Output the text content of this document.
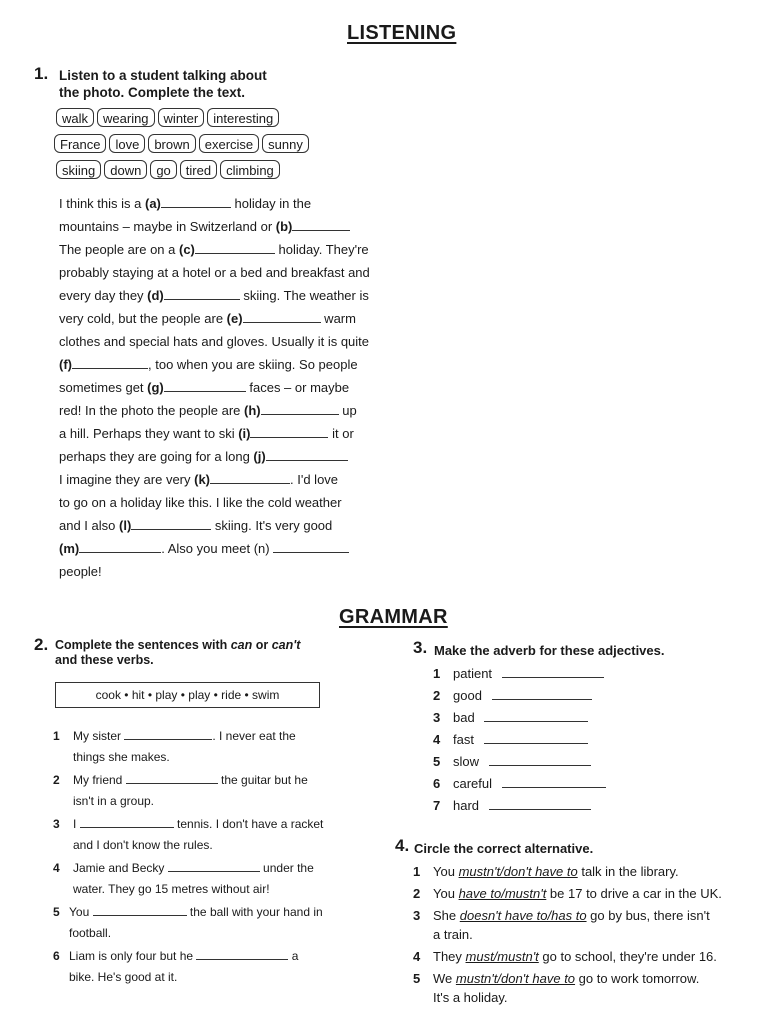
LISTENING
1. Listen to a student talking about
the photo. Complete the text.
walk	wearing	winter	interesting
France	love	brown	exercise	sunny
skiing	down	go	tired	climbing
I think this is a (a)	holiday in the
mountains – maybe in Switzerland or (b)
The people are on a (c)	holiday. They're
probably staying at a hotel or a bed and breakfast and
every day they (d)	skiing. The weather is
very cold, but the people are (e)	warm
clothes and special hats and gloves. Usually it is quite
(f)	, too when you are skiing. So people
sometimes get (g)	faces – or maybe
red! In the photo the people are (h)	up
a hill. Perhaps they want to ski (i)	it or
perhaps they are going for a long (j)
I imagine they are very (k)	. I'd love
to go on a holiday like this. I like the cold weather
and I also (l)	skiing. It's very good
(m)	. Also you meet (n)
people!
GRAMMAR
2. Complete the sentences with can or can't
and these verbs.
cook • hit • play • play • ride • swim
1 My sister	. I never eat the
things she makes.
2 My friend	the guitar but he
isn't in a group.
3 I	tennis. I don't have a racket
and I don't know the rules.
4 Jamie and Becky	under the
water. They go 15 metres without air!
5 You	the ball with your hand in
football.
6 Liam is only four but he	a
bike. He's good at it.
3. Make the adverb for these adjectives.
1 patient
2 good
3 bad
4 fast
5 slow
6 careful
7 hard
4. Circle the correct alternative.
1 You mustn't/don't have to talk in the library.
2 You have to/mustn't be 17 to drive a car in the UK.
3 She doesn't have to/has to go by bus, there isn't
a train.
4 They must/mustn't go to school, they're under 16.
5 We mustn't/don't have to go to work tomorrow.
It's a holiday.
